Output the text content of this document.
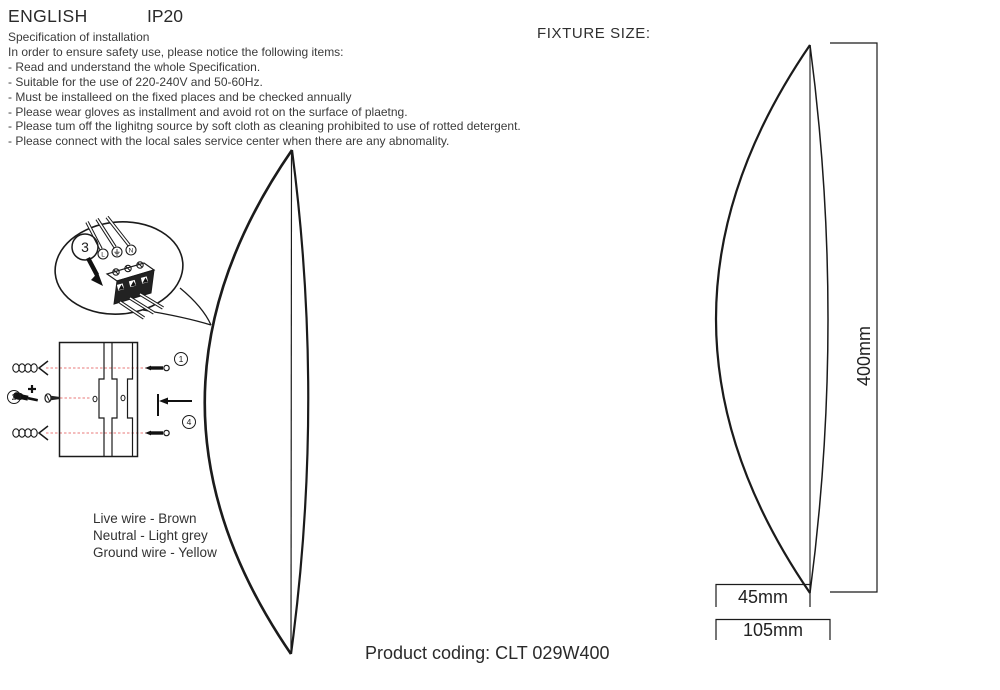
ENGLISH	IP20
Specification of installation
In order to ensure safety use, please notice the following items:
- Read and understand the whole Specification.
- Suitable for the use of 220-240V and 50-60Hz.
- Must be installeed on the fixed places and be checked annually
- Please wear gloves as installment and avoid rot on the surface of plaetng.
- Please tum off the lighitng source by soft cloth as cleaning prohibited to use of rotted detergent.
- Please connect with the local sales service center when there are any abnomality.
FIXTURE SIZE:
L
N
3
1
2
4
400mm
45mm
105mm
Live wire - Brown
Neutral - Light grey
Ground wire - Yellow
Product coding: CLT 029W400
